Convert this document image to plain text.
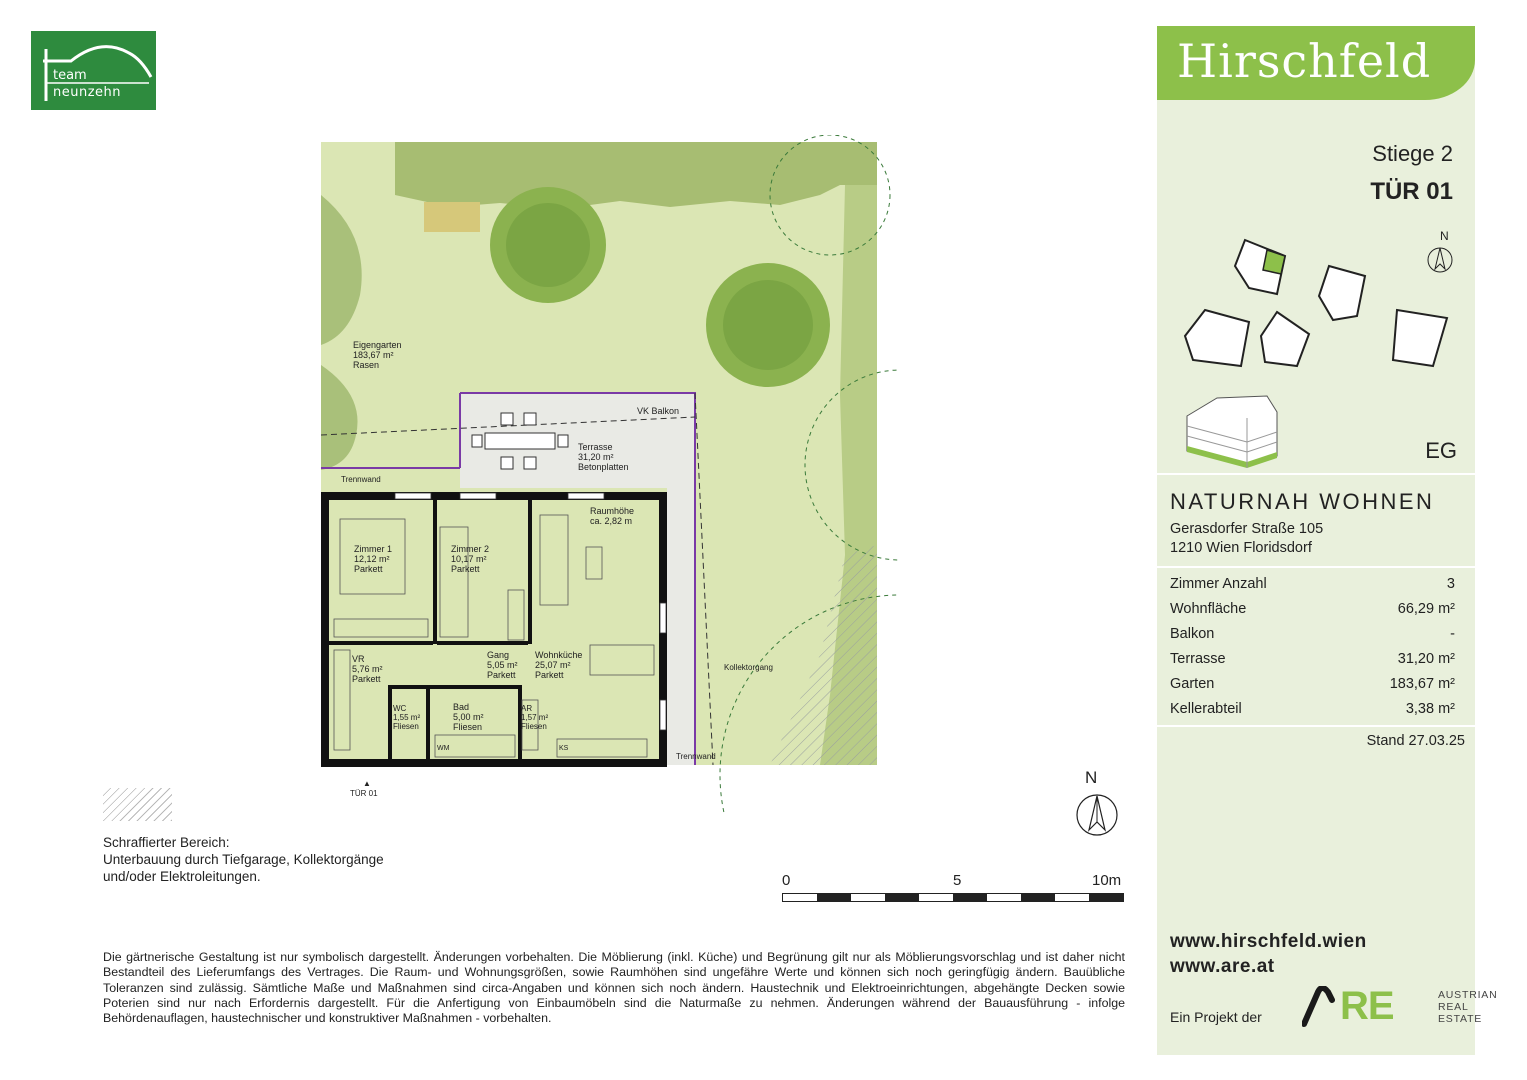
team
neunzehn
Eigengarten
183,67 m²
Rasen
Terrasse
31,20 m²
Betonplatten
Zimmer 1
12,12 m²
Parkett
Zimmer 2
10,17 m²
Parkett
VR
5,76 m²
Parkett
Gang
5,05 m²
Parkett
Wohnküche
25,07 m²
Parkett
WC
1,55 m²
Fliesen
Bad
5,00 m²
Fliesen
AR
1,57 m²
Fliesen
Raumhöhe
ca. 2,82 m
VK Balkon
Trennwand
Trennwand
Kollektorgang
WM	KS
TÜR 01
▲
Schraffierter Bereich:
Unterbauung durch Tiefgarage, Kollektorgänge
und/oder Elektroleitungen.	0	5	10m
N
Die gärtnerische Gestaltung ist nur symbolisch dargestellt. Änderungen vorbehalten. Die Möblierung (inkl. Küche) und Begrünung gilt nur als Möblierungsvorschlag und ist daher nicht Bestandteil des Lieferumfangs des Vertrages. Die Raum- und Wohnungsgrößen, sowie Raumhöhen sind ungefähre Werte und können sich noch geringfügig ändern. Bauübliche Toleranzen sind zulässig. Sämtliche Maße und Maßnahmen sind circa-Angaben und können sich noch ändern. Haustechnik und Elektroeinrichtungen, abgehängte Decken sowie Poterien sind nur nach Erfordernis dargestellt. Für die Anfertigung von Einbaumöbeln sind die Naturmaße zu nehmen. Änderungen während der Bauausführung - infolge Behördenauflagen, haustechnischer und konstruktiver Maßnahmen - vorbehalten.
Hirschfeld
Stiege 2
TÜR 01
N
EG
NATURNAH WOHNEN
Gerasdorfer Straße 105
1210 Wien Floridsdorf
Zimmer Anzahl	3
Wohnfläche	66,29 m²
Balkon	-
Terrasse	31,20 m²
Garten	183,67 m²
Kellerabteil	3,38 m²
Stand 27.03.25
www.hirschfeld.wien
www.are.at
Ein Projekt der RE	AUSTRIAN
REAL
ESTATE
